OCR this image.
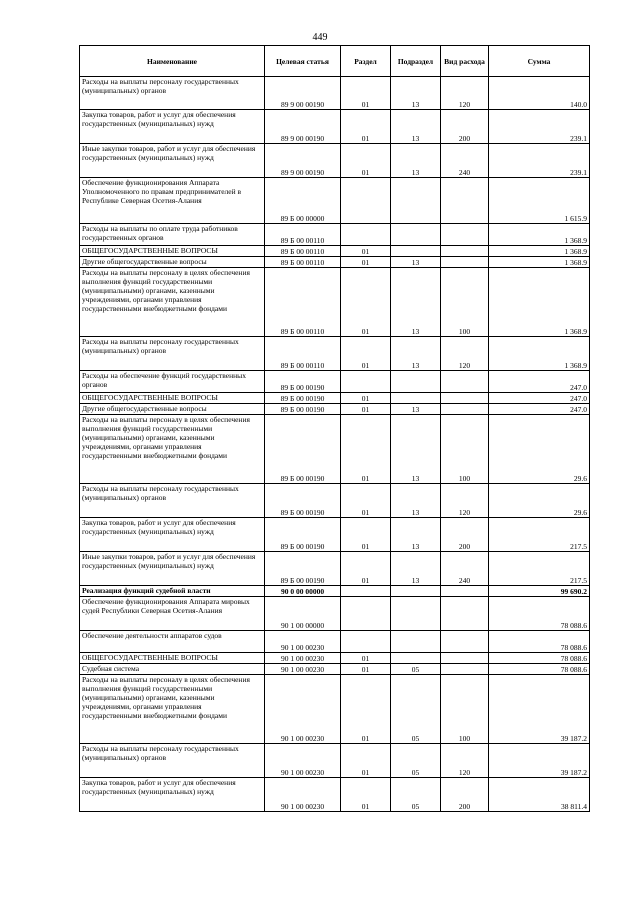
449
Наименование	Целевая статья	Раздел	Подраздел	Вид расхода	Сумма
Расходы на выплаты персоналу государственных (муниципальных) органов	89 9 00 00190	01	13	120	140.0
Закупка товаров, работ и услуг для обеспечения государственных (муниципальных) нужд	89 9 00 00190	01	13	200	239.1
Иные закупки товаров, работ и услуг для обеспечения государственных (муниципальных) нужд	89 9 00 00190	01	13	240	239.1
Обеспечение функционирования Аппарата Уполномоченного по правам предпринимателей в Республике Северная Осетия-Алания	89 Б 00 00000				1 615.9
Расходы на выплаты по оплате труда работников государственных органов	89 Б 00 00110				1 368.9
ОБЩЕГОСУДАРСТВЕННЫЕ ВОПРОСЫ	89 Б 00 00110	01			1 368.9
Другие общегосударственные вопросы	89 Б 00 00110	01	13		1 368.9
Расходы на выплаты персоналу в целях обеспечения выполнения функций государственными (муниципальными) органами, казенными учреждениями, органами управления государственными внебюджетными фондами	89 Б 00 00110	01	13	100	1 368.9
Расходы на выплаты персоналу государственных (муниципальных) органов	89 Б 00 00110	01	13	120	1 368.9
Расходы на обеспечение функций государственных органов	89 Б 00 00190				247.0
ОБЩЕГОСУДАРСТВЕННЫЕ ВОПРОСЫ	89 Б 00 00190	01			247.0
Другие общегосударственные вопросы	89 Б 00 00190	01	13		247.0
Расходы на выплаты персоналу в целях обеспечения выполнения функций государственными (муниципальными) органами, казенными учреждениями, органами управления государственными внебюджетными фондами	89 Б 00 00190	01	13	100	29.6
Расходы на выплаты персоналу государственных (муниципальных) органов	89 Б 00 00190	01	13	120	29.6
Закупка товаров, работ и услуг для обеспечения государственных (муниципальных) нужд	89 Б 00 00190	01	13	200	217.5
Иные закупки товаров, работ и услуг для обеспечения государственных (муниципальных) нужд	89 Б 00 00190	01	13	240	217.5
Реализация функций судебной власти	90 0 00 00000				99 690.2
Обеспечение функционирования Аппарата мировых судей Республики Северная Осетия-Алания	90 1 00 00000				78 088.6
Обеспечение деятельности аппаратов судов	90 1 00 00230				78 088.6
ОБЩЕГОСУДАРСТВЕННЫЕ ВОПРОСЫ	90 1 00 00230	01			78 088.6
Судебная система	90 1 00 00230	01	05		78 088.6
Расходы на выплаты персоналу в целях обеспечения выполнения функций государственными (муниципальными) органами, казенными учреждениями, органами управления государственными внебюджетными фондами	90 1 00 00230	01	05	100	39 187.2
Расходы на выплаты персоналу государственных (муниципальных) органов	90 1 00 00230	01	05	120	39 187.2
Закупка товаров, работ и услуг для обеспечения государственных (муниципальных) нужд	90 1 00 00230	01	05	200	38 811.4
